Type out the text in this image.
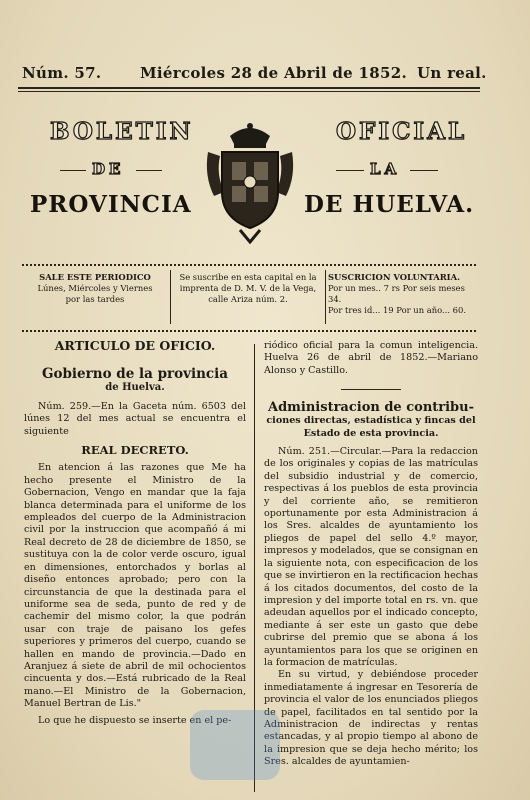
Núm. 57.	Miércoles 28 de Abril de 1852. Un real.
BOLETIN	OFICIAL
DE	LA
PROVINCIA	DE HUELVA.
SALE ESTE PERIODICO
Lúnes, Miércoles y Viernes
por las tardes
Se suscribe en esta capital en la
imprenta de D. M. V. de la Vega,
calle Ariza núm. 2.
SUSCRICION VOLUNTARIA.
Por un mes.. 7 rs Por seis meses 34.
Por tres id... 19 Por un año... 60.
ARTICULO DE OFICIO.
Gobierno de la provincia
de Huelva.

Núm. 259.—En la Gaceta núm. 6503 del lúnes 12 del mes actual se encuentra el siguiente

REAL DECRETO.

En atencion á las razones que Me ha hecho presente el Ministro de la Gobernacion, Vengo en mandar que la faja blanca determinada para el uniforme de los empleados del cuerpo de la Administracion civil por la instruccion que acompañó á mi Real decreto de 28 de diciembre de 1850, se sustituya con la de color verde oscuro, igual en dimensiones, entorchados y borlas al diseño entonces aprobado; pero con la circunstancia de que la destinada para el uniforme sea de seda, punto de red y de cachemir del mismo color, la que podrán usar con traje de paisano los gefes superiores y primeros del cuerpo, cuando se hallen en mando de provincia.—Dado en Aranjuez á siete de abril de mil ochocientos cincuenta y dos.—Está rubricado de la Real mano.—El Ministro de la Gobernacion, Manuel Bertran de Lis."

Lo que he dispuesto se inserte en el pe-

riódico oficial para la comun inteligencia. Huelva 26 de abril de 1852.—Mariano Alonso y Castillo.

Administracion de contribu-
ciones directas, estadística y fincas del Estado de esta provincia.

Núm. 251.—Circular.—Para la redaccion de los originales y copias de las matrículas del subsidio industrial y de comercio, respectivas á los pueblos de esta provincia y del corriente año, se remitieron oportunamente por esta Administracion á los Sres. alcaldes de ayuntamiento los pliegos de papel del sello 4.º mayor, impresos y modelados, que se consignan en la siguiente nota, con especificacion de los que se invirtieron en la rectificacion hechas á los citados documentos, del costo de la impresion y del importe total en rs. vn. que adeudan aquellos por el indicado concepto, mediante á ser este un gasto que debe cubrirse del premio que se abona á los ayuntamientos para los que se originen en la formacion de matrículas.

En su virtud, y debiéndose proceder inmediatamente á ingresar en Tesorería de provincia el valor de los enunciados pliegos de papel, facilitados en tal sentido por la Administracion de indirectas y rentas estancadas, y al propio tiempo al abono de la impresion que se deja hecho mérito; los Sres. alcaldes de ayuntamien-
